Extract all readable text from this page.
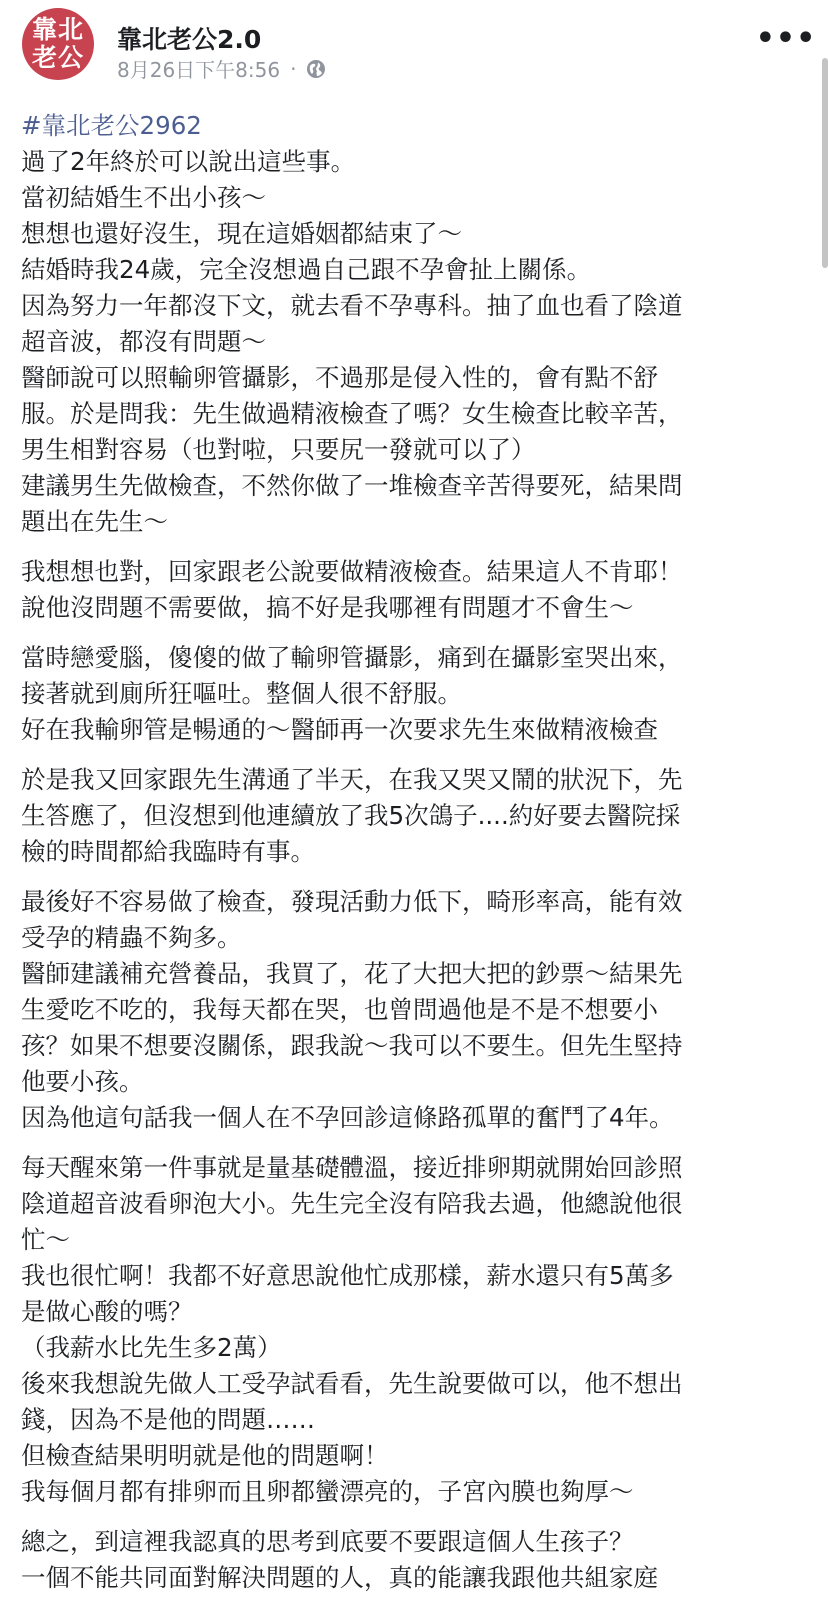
靠北
老公
靠北老公2.0
8月26日下午8:56 ·
•••
#靠北老公2962
過了2年終於可以說出這些事。
當初結婚生不出小孩～
想想也還好沒生，現在這婚姻都結束了～
結婚時我24歲，完全沒想過自己跟不孕會扯上關係。
因為努力一年都沒下文，就去看不孕專科。抽了血也看了陰道
超音波，都沒有問題～
醫師說可以照輸卵管攝影，不過那是侵入性的，會有點不舒
服。於是問我：先生做過精液檢查了嗎？女生檢查比較辛苦，
男生相對容易（也對啦，只要尻一發就可以了）
建議男生先做檢查，不然你做了一堆檢查辛苦得要死，結果問
題出在先生～
我想想也對，回家跟老公說要做精液檢查。結果這人不肯耶！
說他沒問題不需要做，搞不好是我哪裡有問題才不會生～
當時戀愛腦，傻傻的做了輸卵管攝影，痛到在攝影室哭出來，
接著就到廁所狂嘔吐。整個人很不舒服。
好在我輸卵管是暢通的～醫師再一次要求先生來做精液檢查
於是我又回家跟先生溝通了半天，在我又哭又鬧的狀況下，先
生答應了，但沒想到他連續放了我5次鴿子....約好要去醫院採
檢的時間都給我臨時有事。
最後好不容易做了檢查，發現活動力低下，畸形率高，能有效
受孕的精蟲不夠多。
醫師建議補充營養品，我買了，花了大把大把的鈔票～結果先
生愛吃不吃的，我每天都在哭，也曾問過他是不是不想要小
孩？如果不想要沒關係，跟我說～我可以不要生。但先生堅持
他要小孩。
因為他這句話我一個人在不孕回診這條路孤單的奮鬥了4年。
每天醒來第一件事就是量基礎體溫，接近排卵期就開始回診照
陰道超音波看卵泡大小。先生完全沒有陪我去過，他總說他很
忙～
我也很忙啊！我都不好意思說他忙成那樣，薪水還只有5萬多
是做心酸的嗎？
（我薪水比先生多2萬）
後來我想說先做人工受孕試看看，先生說要做可以，他不想出
錢，因為不是他的問題……
但檢查結果明明就是他的問題啊！
我每個月都有排卵而且卵都蠻漂亮的，子宮內膜也夠厚～
總之，到這裡我認真的思考到底要不要跟這個人生孩子？
一個不能共同面對解決問題的人，真的能讓我跟他共組家庭
